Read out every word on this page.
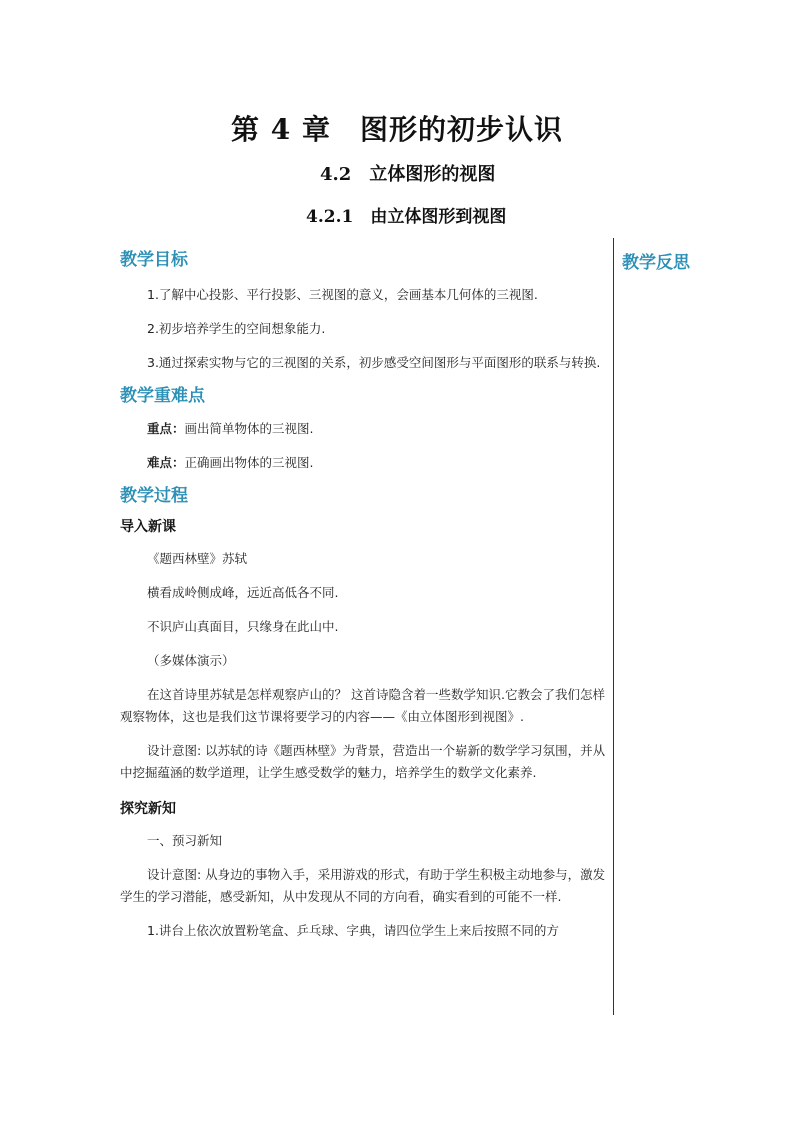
第 4 章　图形的初步认识
4.2　立体图形的视图
4.2.1　由立体图形到视图
教学反思
教学目标

1.了解中心投影、平行投影、三视图的意义，会画基本几何体的三视图.

2.初步培养学生的空间想象能力.

3.通过探索实物与它的三视图的关系，初步感受空间图形与平面图形的联系与转换.

教学重难点

重点：画出简单物体的三视图.

难点：正确画出物体的三视图.

教学过程
导入新课

《题西林壁》苏轼

横看成岭侧成峰，远近高低各不同.

不识庐山真面目，只缘身在此山中.

（多媒体演示）

在这首诗里苏轼是怎样观察庐山的？ 这首诗隐含着一些数学知识.它教会了我们怎样观察物体，这也是我们这节课将要学习的内容——《由立体图形到视图》.

设计意图: 以苏轼的诗《题西林壁》为背景，营造出一个崭新的数学学习氛围，并从中挖掘蕴涵的数学道理，让学生感受数学的魅力，培养学生的数学文化素养.

探究新知

一、预习新知

设计意图: 从身边的事物入手，采用游戏的形式，有助于学生积极主动地参与，激发学生的学习潜能，感受新知，从中发现从不同的方向看，确实看到的可能不一样.

1.讲台上依次放置粉笔盒、乒乓球、字典，请四位学生上来后按照不同的方
